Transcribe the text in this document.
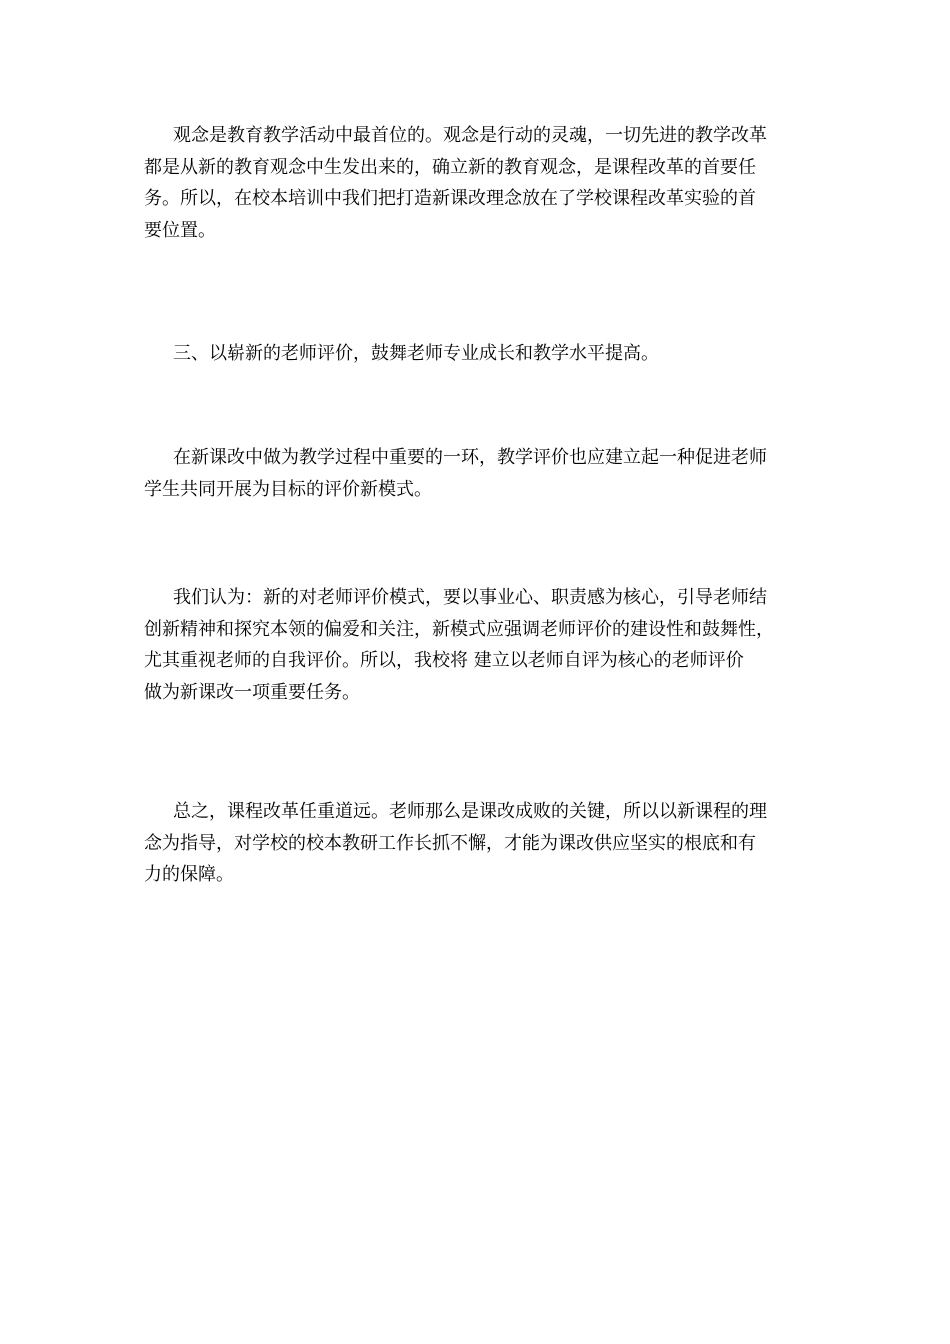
观念是教育教学活动中最首位的。观念是行动的灵魂，一切先进的教学改革
都是从新的教育观念中生发出来的，确立新的教育观念，是课程改革的首要任
务。所以，在校本培训中我们把打造新课改理念放在了学校课程改革实验的首
要位置。
三、以崭新的老师评价，鼓舞老师专业成长和教学水平提高。
在新课改中做为教学过程中重要的一环，教学评价也应建立起一种促进老师
学生共同开展为目标的评价新模式。
我们认为：新的对老师评价模式，要以事业心、职责感为核心，引导老师结
创新精神和探究本领的偏爱和关注，新模式应强调老师评价的建设性和鼓舞性，
尤其重视老师的自我评价。所以，我校将 建立以老师自评为核心的老师评价
做为新课改一项重要任务。
总之，课程改革任重道远。老师那么是课改成败的关键，所以以新课程的理
念为指导，对学校的校本教研工作长抓不懈，才能为课改供应坚实的根底和有
力的保障。
